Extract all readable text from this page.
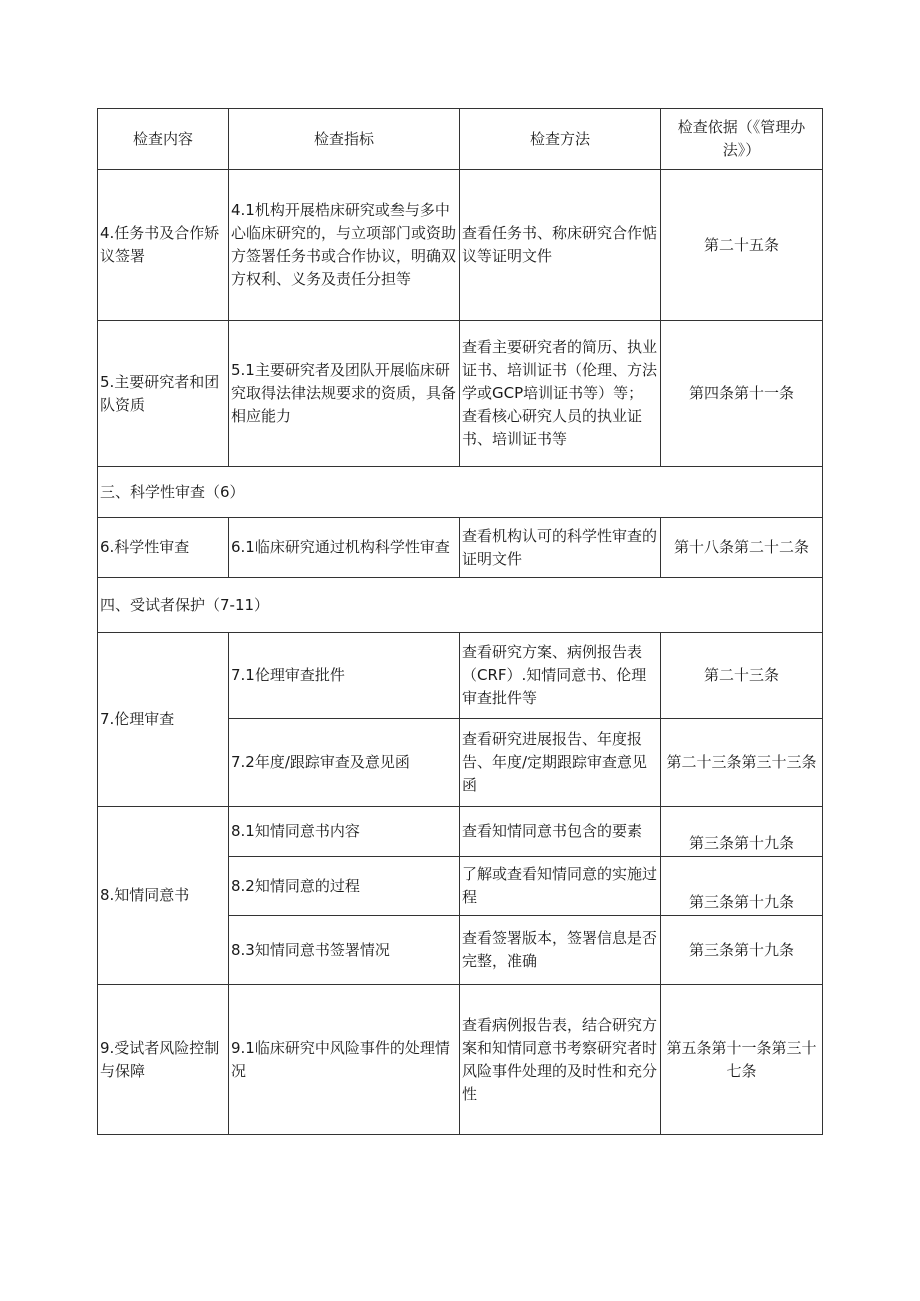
检查内容	检查指标	检查方法	检查依据（《管理办法》）
4.任务书及合作矫议签署	4.1机构开展梏床研究或叁与多中心临床研究的，与立项部门或资助方签署任务书或合作协议，明确双方权利、义务及责任分担等	查看任务书、称床研究合作惦议等证明文件	第二十五条
5.主要研究者和团队资质	5.1主要研究者及团队开展临床研究取得法律法规要求的资质，具备相应能力	查看主要研究者的简历、执业证书、培训证书（伦理、方法学或GCP培训证书等）等；查看核心研究人员的执业证书、培训证书等	第四条第十一条
三、科学性审查（6）			
6.科学性审查	6.1临床研究通过机构科学性审查	查看机构认可的科学性审查的证明文件	第十八条第二十二条
四、受试者保护（7-11）			
7.伦理审查	7.1伦理审查批件	查看研究方案、病例报告表（CRF）.知情同意书、伦理审查批件等	第二十三条
	7.2年度/跟踪审查及意见函	查看研究进展报告、年度报告、年度/定期跟踪审查意见函	第二十三条第三十三条
8.知情同意书	8.1知情同意书内容	查看知情同意书包含的要素	第三条第十九条
	8.2知情同意的过程	了解或查看知情同意的实施过程	第三条第十九条
	8.3知情同意书签署情况	查看签署版本，签署信息是否完整，准确	第三条第十九条
9.受试者风险控制与保障	9.1临床研究中风险事件的处理情况	查看病例报告表，结合研究方案和知情同意书考察研究者时风险事件处理的及时性和充分性	第五条第十一条第三十七条
